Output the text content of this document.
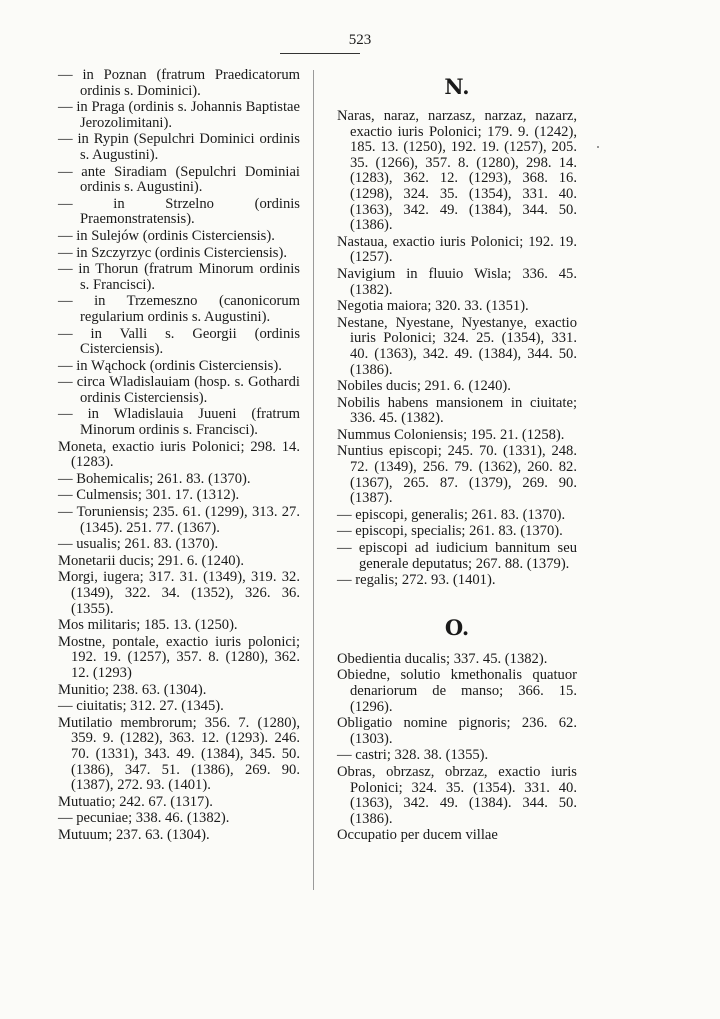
523

— in Poznan (fratrum Praedicatorum ordinis s. Dominici).

— in Praga (ordinis s. Johannis Baptistae Jerozolimitani).

— in Rypin (Sepulchri Dominici ordinis s. Augustini).

— ante Siradiam (Sepulchri Dominiai ordinis s. Augustini).

— in Strzelno (ordinis Praemonstratensis).

— in Sulejów (ordinis Cisterciensis).

— in Szczyrzyc (ordinis Cisterciensis).

— in Thorun (fratrum Minorum ordinis s. Francisci).

— in Trzemeszno (canonicorum regularium ordinis s. Augustini).

— in Valli s. Georgii (ordinis Cisterciensis).

— in Wąchock (ordinis Cisterciensis).

— circa Wladislauiam (hosp. s. Gothardi ordinis Cisterciensis).

— in Wladislauia Juueni (fratrum Minorum ordinis s. Francisci).

Moneta, exactio iuris Polonici; 298. 14. (1283).

— Bohemicalis; 261. 83. (1370).

— Culmensis; 301. 17. (1312).

— Toruniensis; 235. 61. (1299), 313. 27. (1345). 251. 77. (1367).

— usualis; 261. 83. (1370).

Monetarii ducis; 291. 6. (1240).

Morgi, iugera; 317. 31. (1349), 319. 32. (1349), 322. 34. (1352), 326. 36. (1355).

Mos militaris; 185. 13. (1250).

Mostne, pontale, exactio iuris polonici; 192. 19. (1257), 357. 8. (1280), 362. 12. (1293)

Munitio; 238. 63. (1304).

— ciuitatis; 312. 27. (1345).

Mutilatio membrorum; 356. 7. (1280), 359. 9. (1282), 363. 12. (1293). 246. 70. (1331), 343. 49. (1384), 345. 50. (1386), 347. 51. (1386), 269. 90. (1387), 272. 93. (1401).

Mutuatio; 242. 67. (1317).

— pecuniae; 338. 46. (1382).

Mutuum; 237. 63. (1304).

N.

Naras, naraz, narzasz, narzaz, nazarz, exactio iuris Polonici; 179. 9. (1242), 185. 13. (1250), 192. 19. (1257), 205. 35. (1266), 357. 8. (1280), 298. 14. (1283), 362. 12. (1293), 368. 16. (1298), 324. 35. (1354), 331. 40. (1363), 342. 49. (1384), 344. 50. (1386).

Nastaua, exactio iuris Polonici; 192. 19. (1257).

Navigium in fluuio Wisla; 336. 45. (1382).

Negotia maiora; 320. 33. (1351).

Nestane, Nyestane, Nyestanye, exactio iuris Polonici; 324. 25. (1354), 331. 40. (1363), 342. 49. (1384), 344. 50. (1386).

Nobiles ducis; 291. 6. (1240).

Nobilis habens mansionem in ciuitate; 336. 45. (1382).

Nummus Coloniensis; 195. 21. (1258).

Nuntius episcopi; 245. 70. (1331), 248. 72. (1349), 256. 79. (1362), 260. 82. (1367), 265. 87. (1379), 269. 90. (1387).

— episcopi, generalis; 261. 83. (1370).

— episcopi, specialis; 261. 83. (1370).

— episcopi ad iudicium bannitum seu generale deputatus; 267. 88. (1379).

— regalis; 272. 93. (1401).

O.

Obedientia ducalis; 337. 45. (1382).

Obiedne, solutio kmethonalis quatuor denariorum de manso; 366. 15. (1296).

Obligatio nomine pignoris; 236. 62. (1303).

— castri; 328. 38. (1355).

Obras, obrzasz, obrzaz, exactio iuris Polonici; 324. 35. (1354). 331. 40. (1363), 342. 49. (1384). 344. 50. (1386).

Occupatio per ducem villae
